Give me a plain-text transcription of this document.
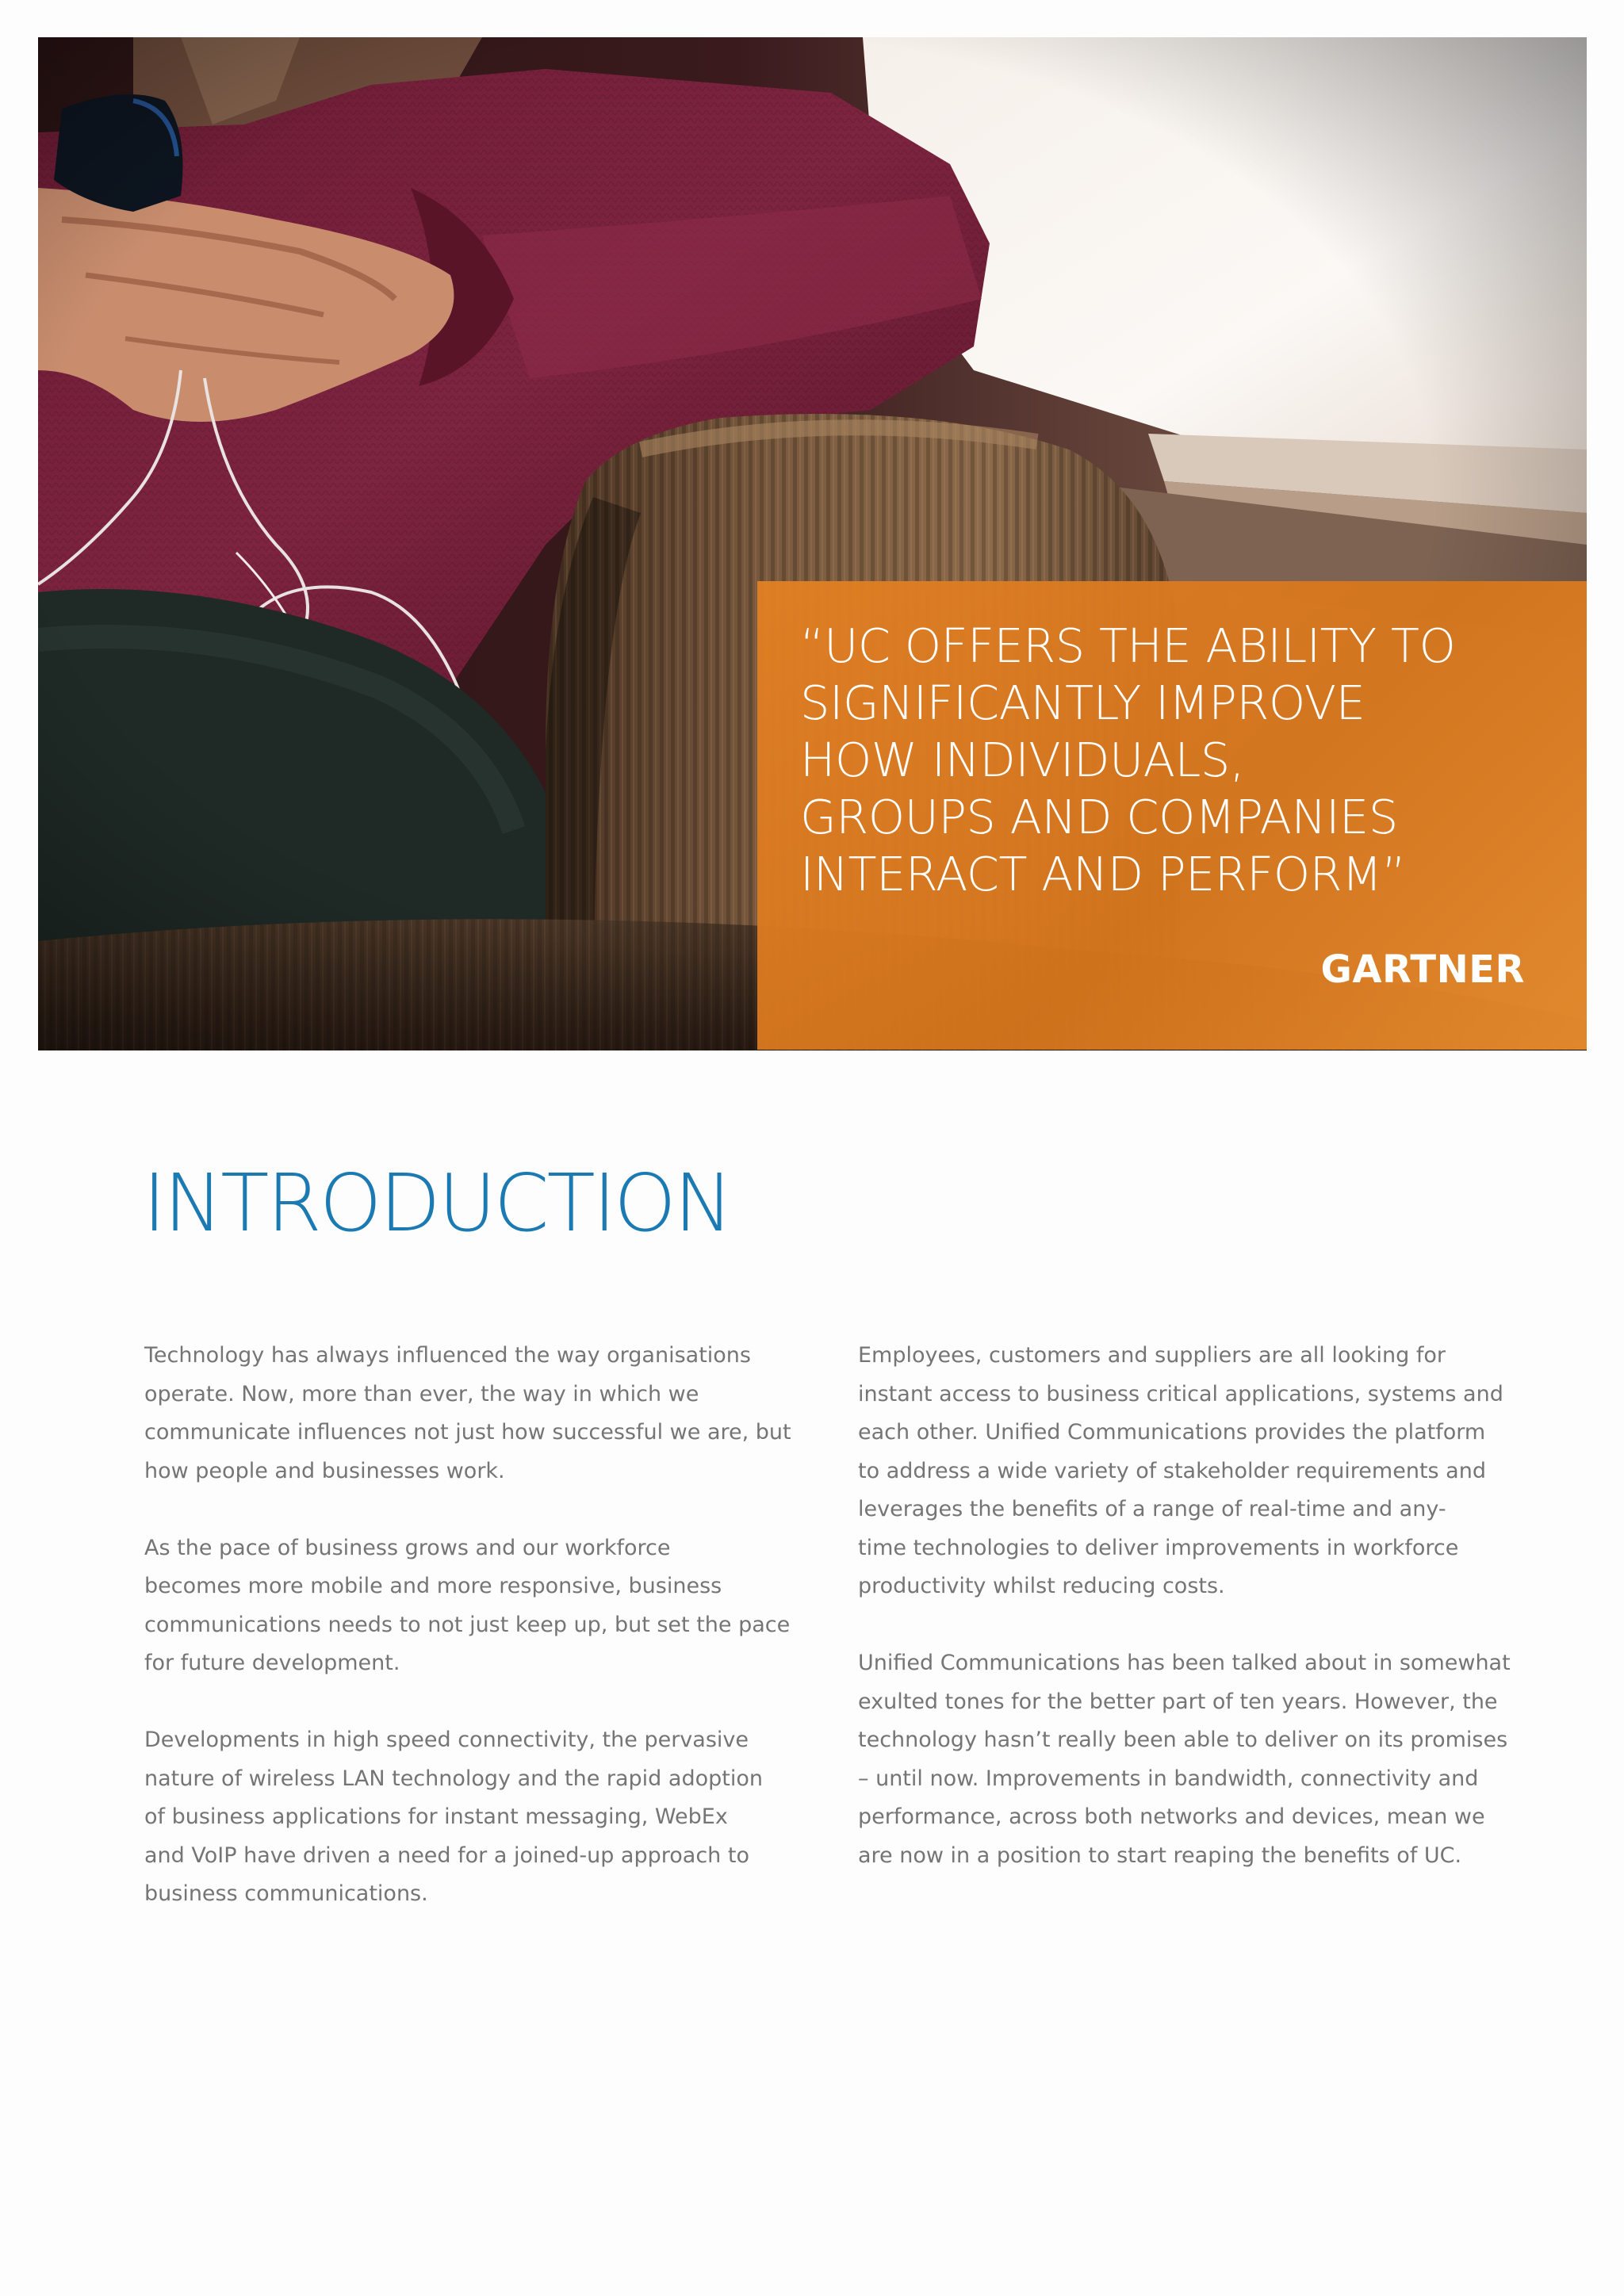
“UC OFFERS THE ABILITY TO
SIGNIFICANTLY IMPROVE
HOW INDIVIDUALS,
GROUPS AND COMPANIES
INTERACT AND PERFORM”

GARTNER
INTRODUCTION

Technology has always influenced the way organisations
operate. Now, more than ever, the way in which we
communicate influences not just how successful we are, but
how people and businesses work.

As the pace of business grows and our workforce
becomes more mobile and more responsive, business
communications needs to not just keep up, but set the pace
for future development.

Developments in high speed connectivity, the pervasive
nature of wireless LAN technology and the rapid adoption
of business applications for instant messaging, WebEx
and VoIP have driven a need for a joined-up approach to
business communications.

Employees, customers and suppliers are all looking for
instant access to business critical applications, systems and
each other. Unified Communications provides the platform
to address a wide variety of stakeholder requirements and
leverages the benefits of a range of real-time and any-
time technologies to deliver improvements in workforce
productivity whilst reducing costs.

Unified Communications has been talked about in somewhat
exulted tones for the better part of ten years. However, the
technology hasn’t really been able to deliver on its promises
– until now. Improvements in bandwidth, connectivity and
performance, across both networks and devices, mean we
are now in a position to start reaping the benefits of UC.
